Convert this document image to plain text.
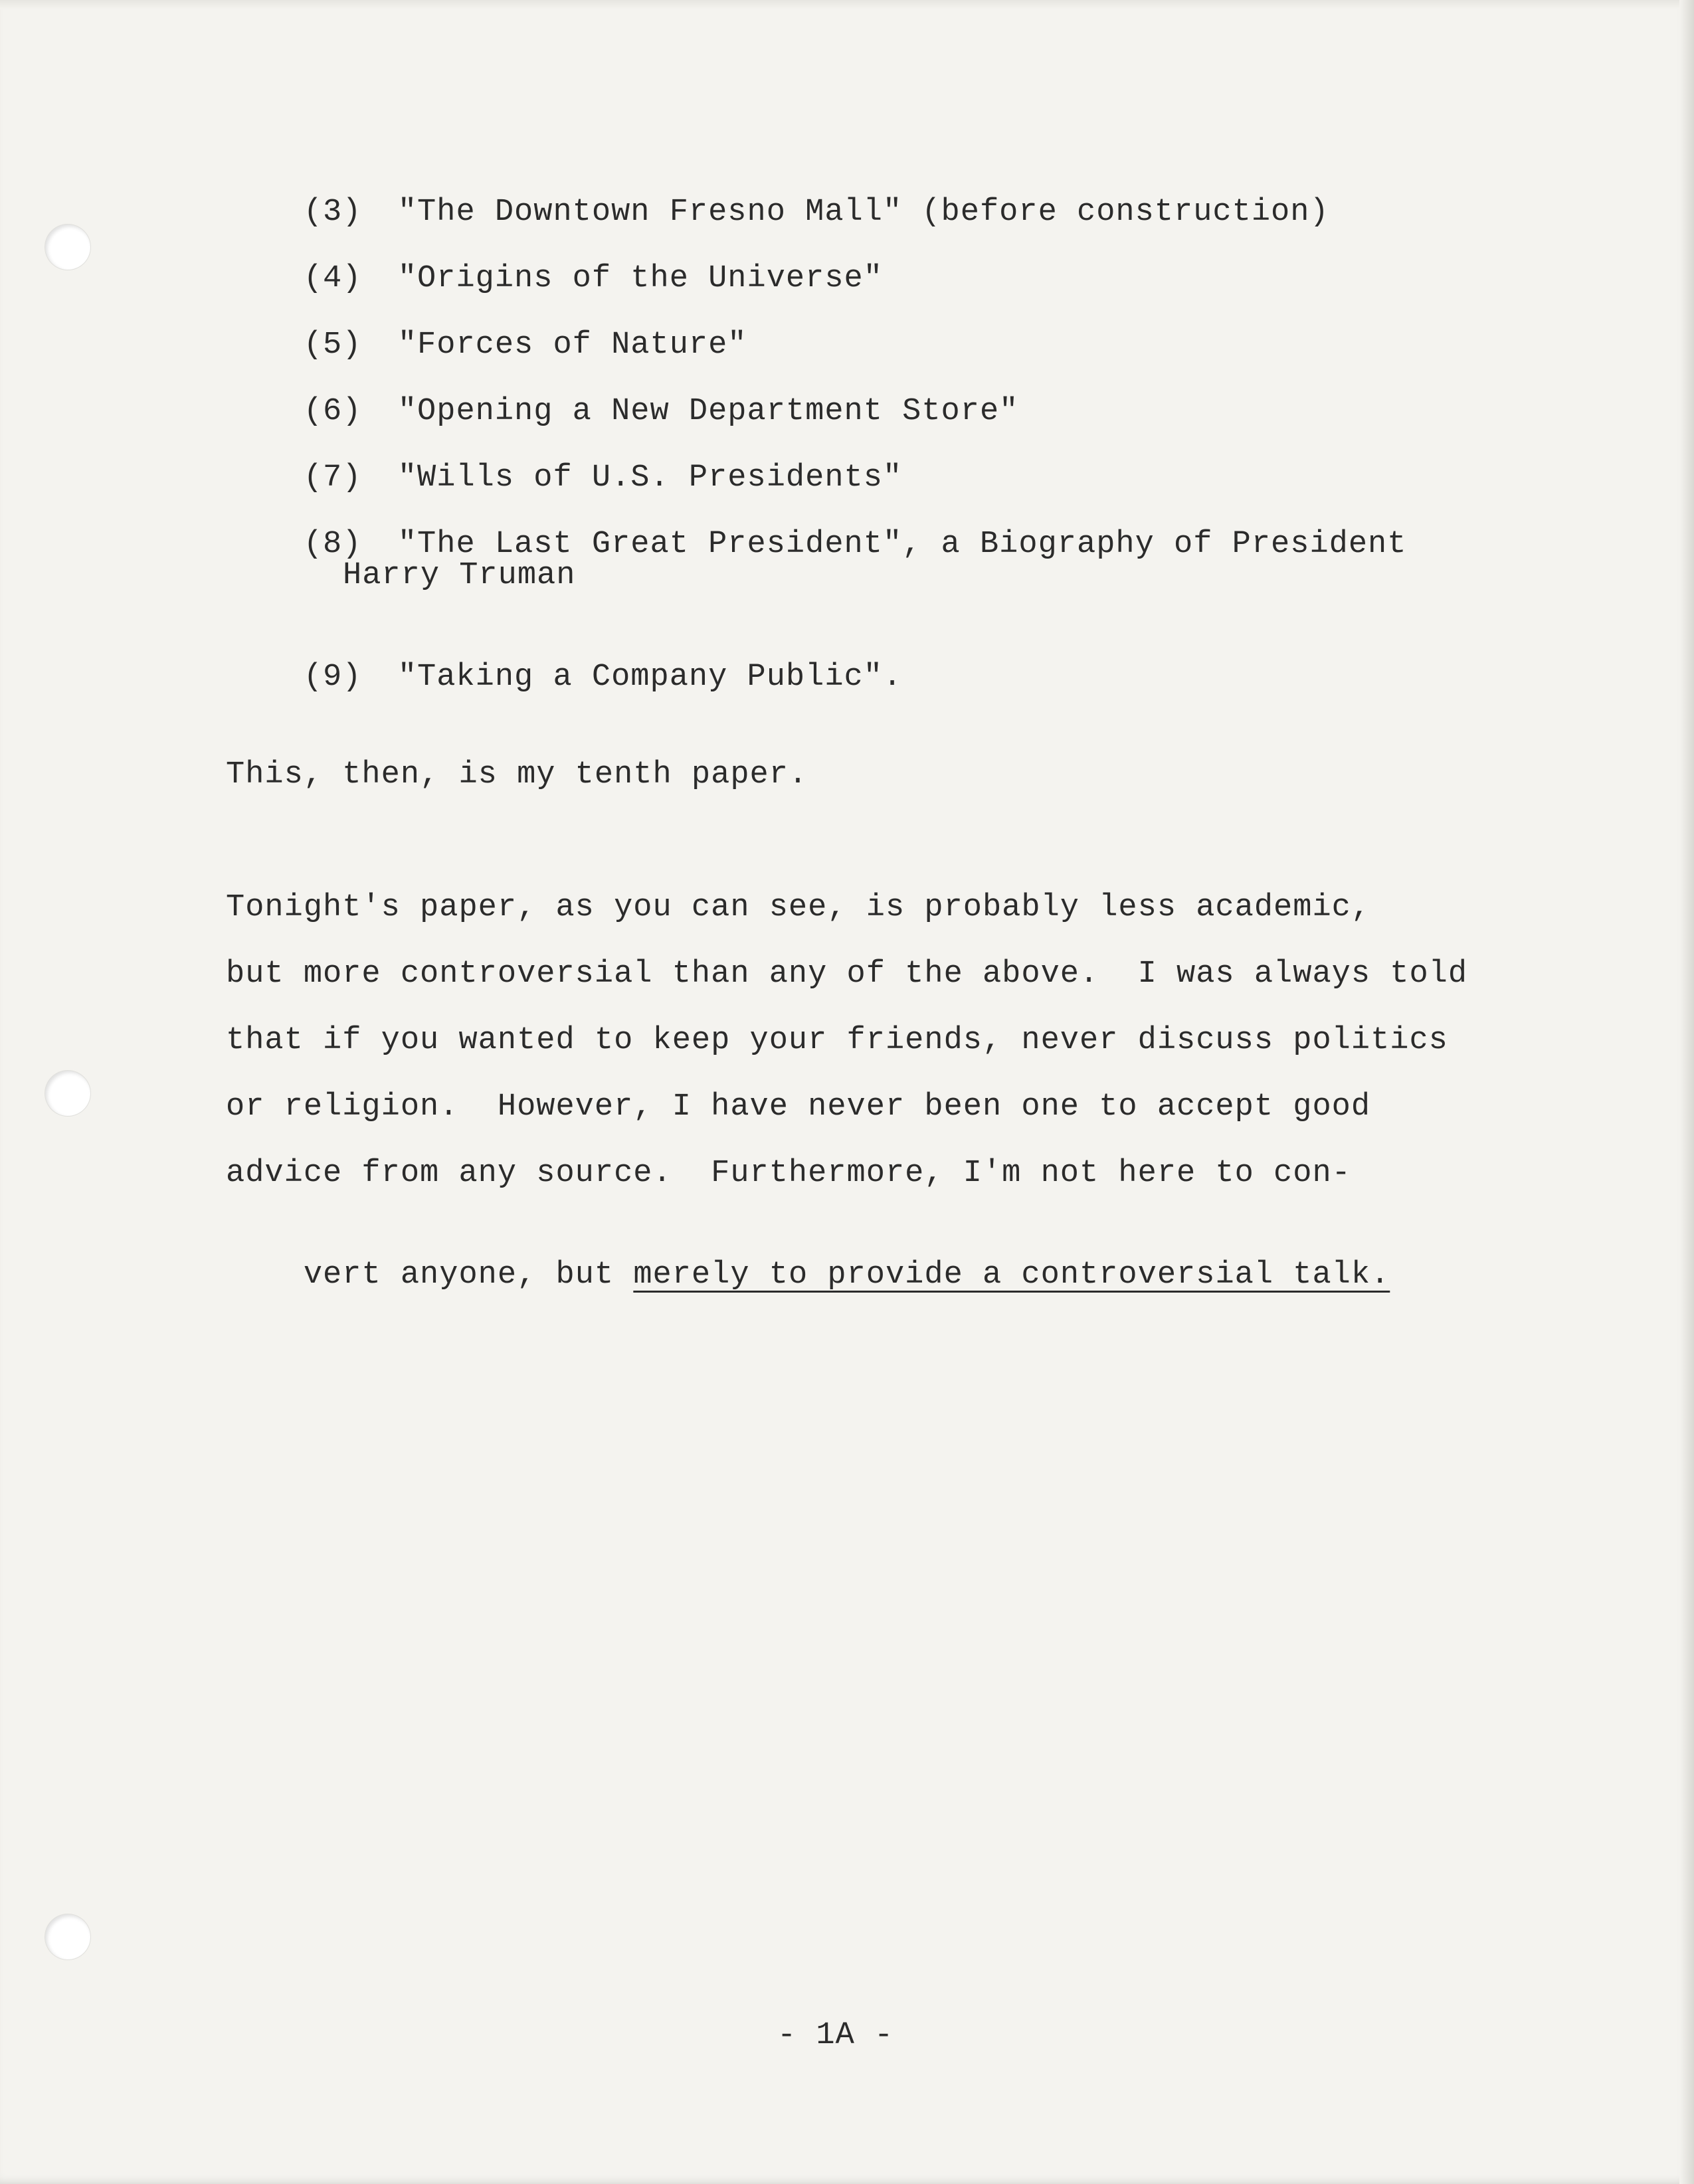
(3) "The Downtown Fresno Mall" (before construction)

(4) "Origins of the Universe"

(5) "Forces of Nature"

(6) "Opening a New Department Store"

(7) "Wills of U.S. Presidents"

(8) "The Last Great President", a Biography of President

Harry Truman

(9) "Taking a Company Public".

This, then, is my tenth paper.
Tonight's paper, as you can see, is probably less academic,
but more controversial than any of the above.  I was always told
that if you wanted to keep your friends, never discuss politics
or religion.  However, I have never been one to accept good
advice from any source.  Furthermore, I'm not here to con-

vert anyone, but merely to provide a controversial talk.

- 1A -
